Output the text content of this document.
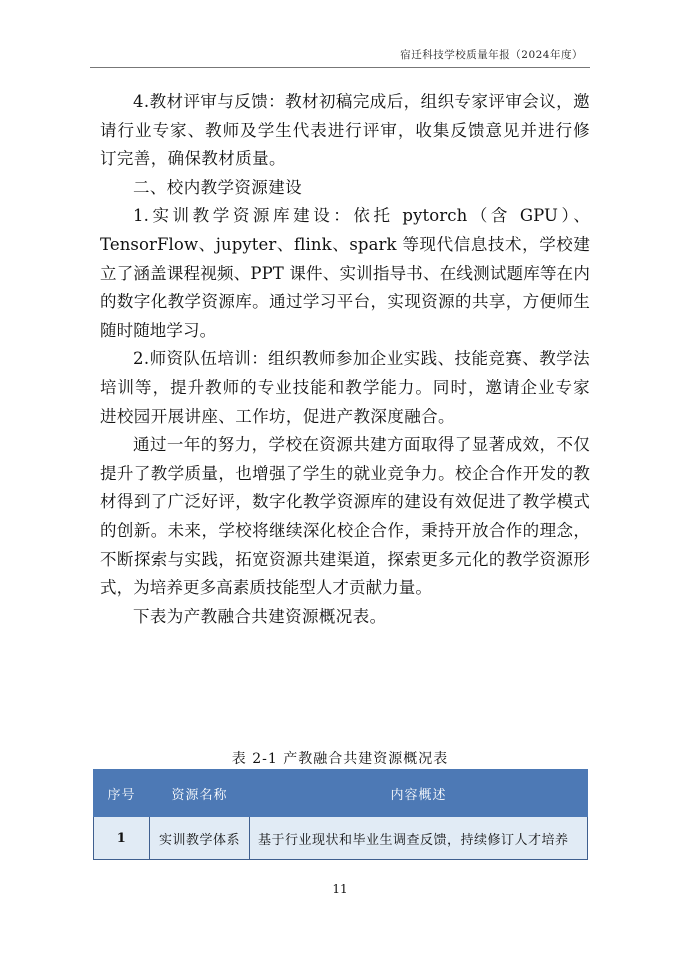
宿迁科技学校质量年报（2024年度）

4.教材评审与反馈：教材初稿完成后，组织专家评审会议，邀请行业专家、教师及学生代表进行评审，收集反馈意见并进行修订完善，确保教材质量。

二、校内教学资源建设

1.实训教学资源库建设：依托 pytorch（含 GPU）、TensorFlow、jupyter、flink、spark 等现代信息技术，学校建立了涵盖课程视频、PPT 课件、实训指导书、在线测试题库等在内的数字化教学资源库。通过学习平台，实现资源的共享，方便师生随时随地学习。

2.师资队伍培训：组织教师参加企业实践、技能竞赛、教学法培训等，提升教师的专业技能和教学能力。同时，邀请企业专家进校园开展讲座、工作坊，促进产教深度融合。

通过一年的努力，学校在资源共建方面取得了显著成效，不仅提升了教学质量，也增强了学生的就业竞争力。校企合作开发的教材得到了广泛好评，数字化教学资源库的建设有效促进了教学模式的创新。未来，学校将继续深化校企合作，秉持开放合作的理念，不断探索与实践，拓宽资源共建渠道，探索更多元化的教学资源形式，为培养更多高素质技能型人才贡献力量。

下表为产教融合共建资源概况表。

表 2-1 产教融合共建资源概况表
序号	资源名称	内容概述
1	实训教学体系	基于行业现状和毕业生调查反馈，持续修订人才培养
11
